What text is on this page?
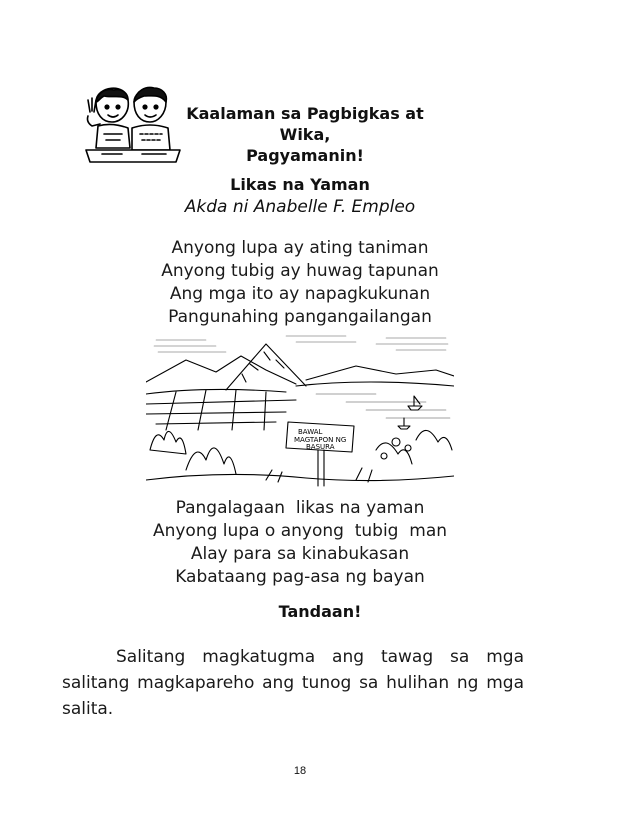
Kaalaman sa Pagbigkas at
Wika,
Pagyamanin!
Likas na Yaman
Akda ni Anabelle F. Empleo
Anyong lupa ay ating taniman
Anyong tubig ay huwag tapunan
Ang mga ito ay napagkukunan
Pangunahing pangangailangan
BAWAL
MAGTAPON NG
BASURA
Pangalagaan  likas na yaman
Anyong lupa o anyong  tubig  man
Alay para sa kinabukasan
Kabataang pag-asa ng bayan
Tandaan!
Salitang magkatugma ang tawag sa mga
salitang magkapareho ang tunog sa hulihan ng mga
salita.
18
